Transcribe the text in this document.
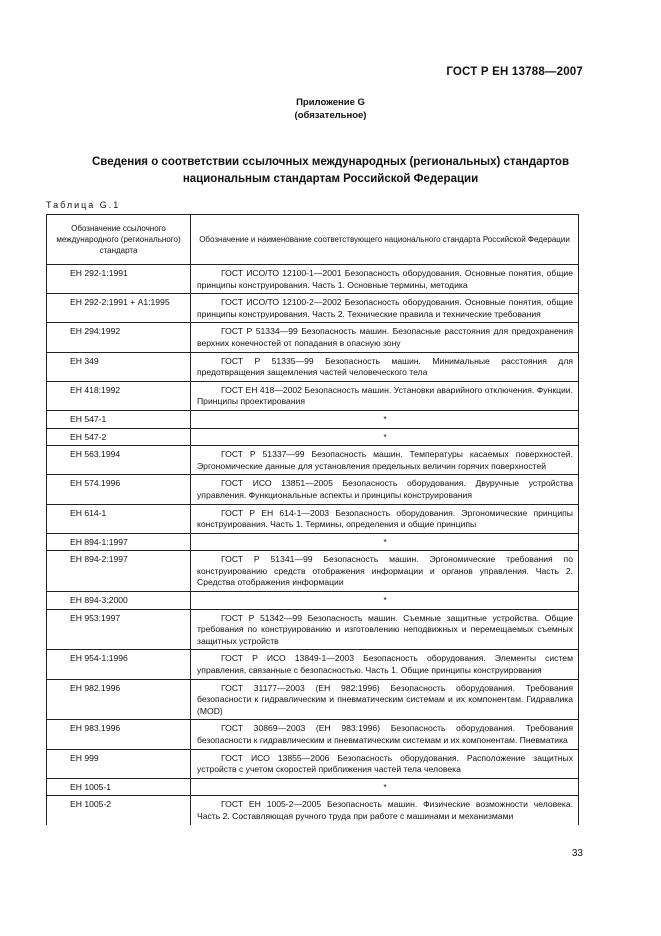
ГОСТ Р ЕН 13788—2007
Приложение G
(обязательное)
Сведения о соответствии ссылочных международных (региональных) стандартов
национальным стандартам Российской Федерации
Таблица G.1
Обозначение ссылочного международного (регионального) стандарта	Обозначение и наименование соответствующего национального стандарта Российской Федерации
ЕН 292-1:1991	ГОСТ ИСО/ТО 12100-1—2001 Безопасность оборудования. Основные понятия, общие принципы конструирования. Часть 1. Основные термины, методика
ЕН 292-2:1991 + A1:1995	ГОСТ ИСО/ТО 12100-2—2002 Безопасность оборудования. Основные понятия, общие принципы конструирования. Часть 2. Технические правила и технические требования
ЕН 294:1992	ГОСТ Р 51334—99 Безопасность машин. Безопасные расстояния для предохранения верхних конечностей от попадания в опасную зону
ЕН 349	ГОСТ Р 51335—99 Безопасность машин. Минимальные расстояния для предотвращения защемления частей человеческого тела
ЕН 418:1992	ГОСТ ЕН 418—2002 Безопасность машин. Установки аварийного отключения. Функции. Принципы проектирования
ЕН 547-1	*
ЕН 547-2	*
ЕН 563.1994	ГОСТ Р 51337—99 Безопасность машин. Температуры касаемых поверхностей. Эргономические данные для установления предельных величин горячих поверхностей
ЕН 574.1996	ГОСТ ИСО 13851—2005 Безопасность оборудования. Двуручные устройства управления. Функциональные аспекты и принципы конструирования
ЕН 614-1	ГОСТ Р ЕН 614-1—2003 Безопасность оборудования. Эргономические принципы конструирования. Часть 1. Термины, определения и общие принципы
ЕН 894-1:1997	*
ЕН 894-2:1997	ГОСТ Р 51341—99 Безопасность машин. Эргономические требования по конструированию средств отображения информации и органов управления. Часть 2. Средства отображения информации
ЕН 894-3:2000	*
ЕН 953:1997	ГОСТ Р 51342—99 Безопасность машин. Съемные защитные устройства. Общие требования по конструированию и изготовлению неподвижных и перемещаемых съемных защитных устройств
ЕН 954-1:1996	ГОСТ Р ИСО 13849-1—2003 Безопасность оборудования. Элементы систем управления, связанные с безопасностью. Часть 1. Общие принципы конструирования
ЕН 982.1996	ГОСТ 31177—2003 (ЕН 982:1996) Безопасность оборудования. Требования безопасности к гидравлическим и пневматическим системам и их компонентам. Гидравлика (MOD)
ЕН 983.1996	ГОСТ 30869—2003 (ЕН 983:1996) Безопасность оборудования. Требования безопасности к гидравлическим и пневматическим системам и их компонентам. Пневматика
ЕН 999	ГОСТ ИСО 13855—2006 Безопасность оборудования. Расположение защитных устройств с учетом скоростей приближения частей тела человека
ЕН 1005-1	*
ЕН 1005-2	ГОСТ ЕН 1005-2—2005 Безопасность машин. Физические возможности человека. Часть 2. Составляющая ручного труда при работе с машинами и механизмами
33
